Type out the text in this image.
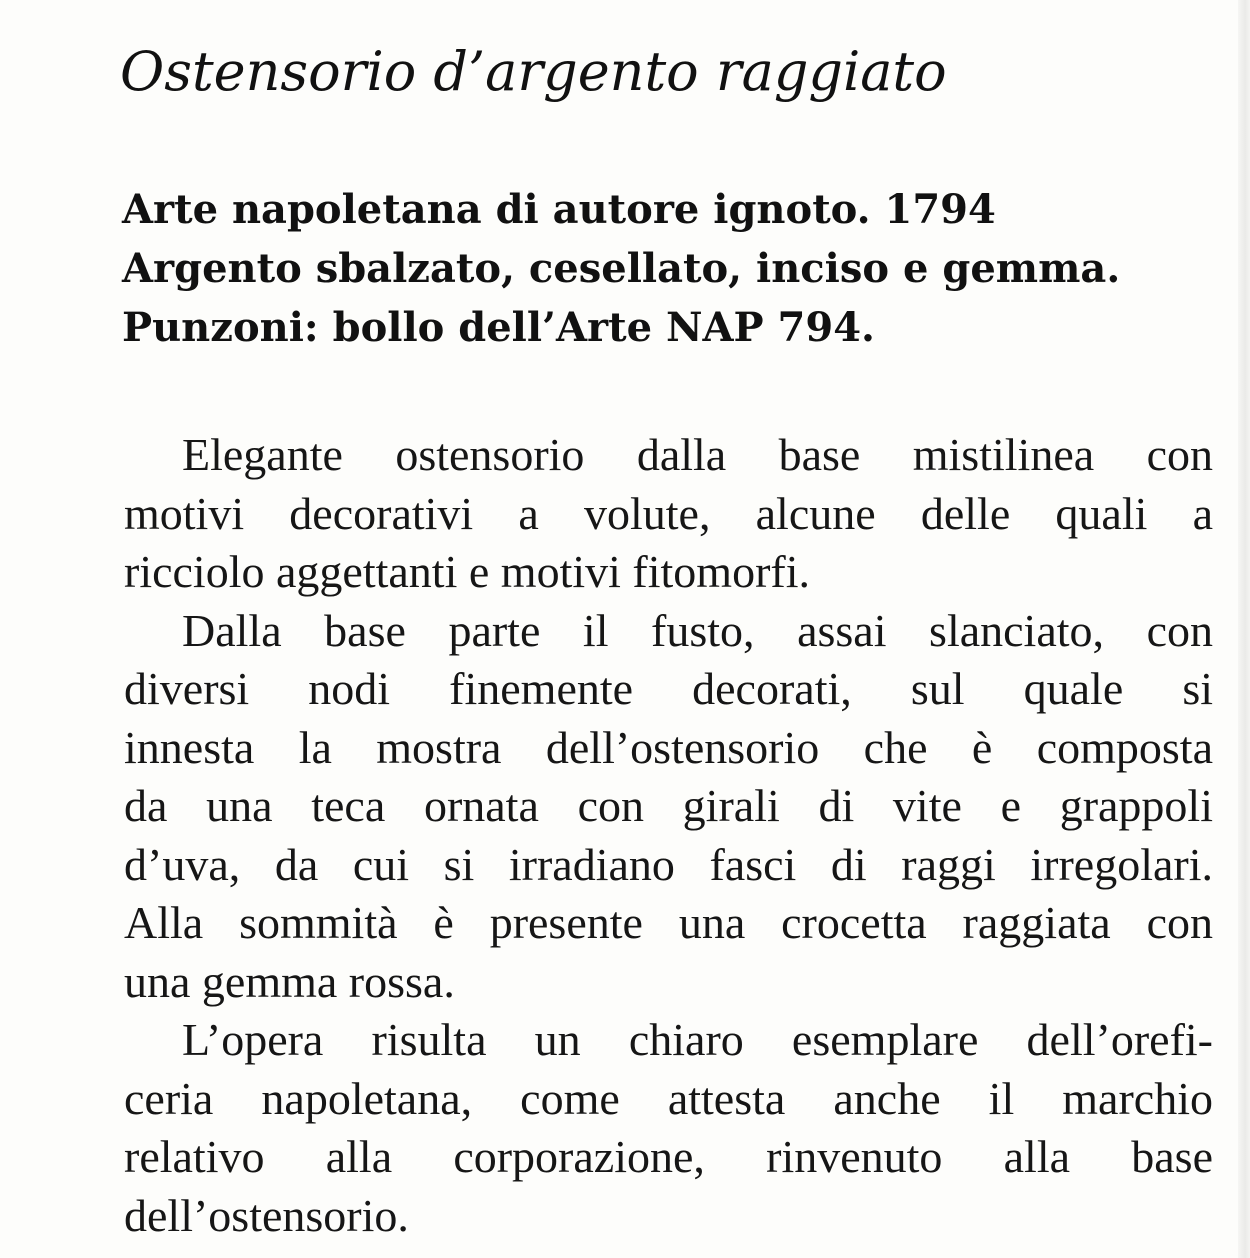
Ostensorio d’argento raggiato
Arte napoletana di autore ignoto. 1794
Argento sbalzato, cesellato, inciso e gemma.
Punzoni: bollo dell’Arte NAP 794.
Elegante ostensorio dalla base mistilinea con
motivi decorativi a volute, alcune delle quali a
ricciolo aggettanti e motivi fitomorfi.
Dalla base parte il fusto, assai slanciato, con
diversi nodi finemente decorati, sul quale si
innesta la mostra dell’ostensorio che è composta
da una teca ornata con girali di vite e grappoli
d’uva, da cui si irradiano fasci di raggi irregolari.
Alla sommità è presente una crocetta raggiata con
una gemma rossa.
L’opera risulta un chiaro esemplare dell’orefi-
ceria napoletana, come attesta anche il marchio
relativo alla corporazione, rinvenuto alla base
dell’ostensorio.
